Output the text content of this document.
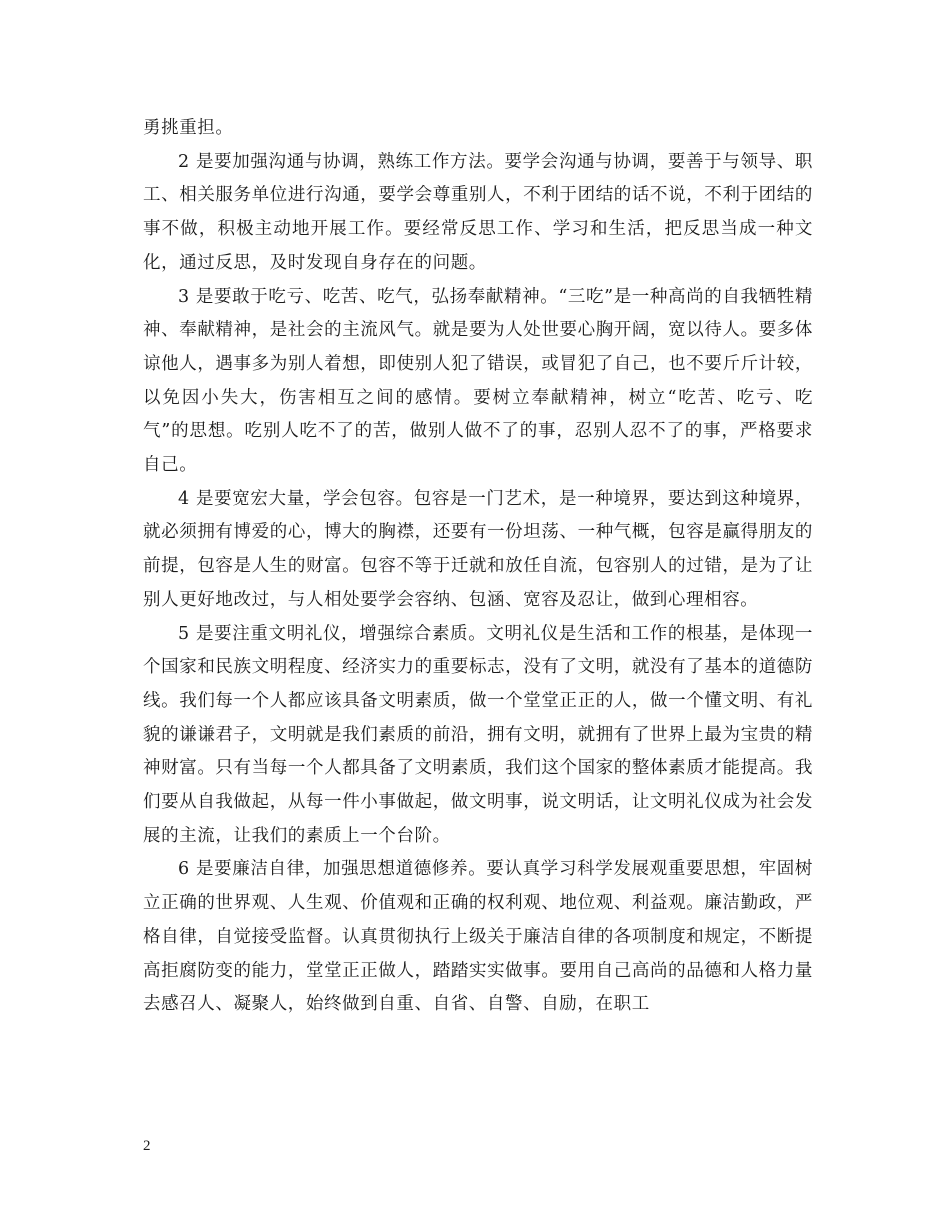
勇挑重担。

2 是要加强沟通与协调，熟练工作方法。要学会沟通与协调，要善于与领导、职工、相关服务单位进行沟通，要学会尊重别人，不利于团结的话不说，不利于团结的事不做，积极主动地开展工作。要经常反思工作、学习和生活，把反思当成一种文化，通过反思，及时发现自身存在的问题。

3 是要敢于吃亏、吃苦、吃气，弘扬奉献精神。“三吃”是一种高尚的自我牺牲精神、奉献精神，是社会的主流风气。就是要为人处世要心胸开阔，宽以待人。要多体谅他人，遇事多为别人着想，即使别人犯了错误，或冒犯了自己，也不要斤斤计较，以免因小失大，伤害相互之间的感情。要树立奉献精神，树立“吃苦、吃亏、吃气”的思想。吃别人吃不了的苦，做别人做不了的事，忍别人忍不了的事，严格要求自己。

4 是要宽宏大量，学会包容。包容是一门艺术，是一种境界，要达到这种境界，就必须拥有博爱的心，博大的胸襟，还要有一份坦荡、一种气概，包容是赢得朋友的前提，包容是人生的财富。包容不等于迁就和放任自流，包容别人的过错，是为了让别人更好地改过，与人相处要学会容纳、包涵、宽容及忍让，做到心理相容。

5 是要注重文明礼仪，增强综合素质。文明礼仪是生活和工作的根基，是体现一个国家和民族文明程度、经济实力的重要标志，没有了文明，就没有了基本的道德防线。我们每一个人都应该具备文明素质，做一个堂堂正正的人，做一个懂文明、有礼貌的谦谦君子，文明就是我们素质的前沿，拥有文明，就拥有了世界上最为宝贵的精神财富。只有当每一个人都具备了文明素质，我们这个国家的整体素质才能提高。我们要从自我做起，从每一件小事做起，做文明事，说文明话，让文明礼仪成为社会发展的主流，让我们的素质上一个台阶。

6 是要廉洁自律，加强思想道德修养。要认真学习科学发展观重要思想，牢固树立正确的世界观、人生观、价值观和正确的权利观、地位观、利益观。廉洁勤政，严格自律，自觉接受监督。认真贯彻执行上级关于廉洁自律的各项制度和规定，不断提高拒腐防变的能力，堂堂正正做人，踏踏实实做事。要用自己高尚的品德和人格力量去感召人、凝聚人，始终做到自重、自省、自警、自励，在职工

2
